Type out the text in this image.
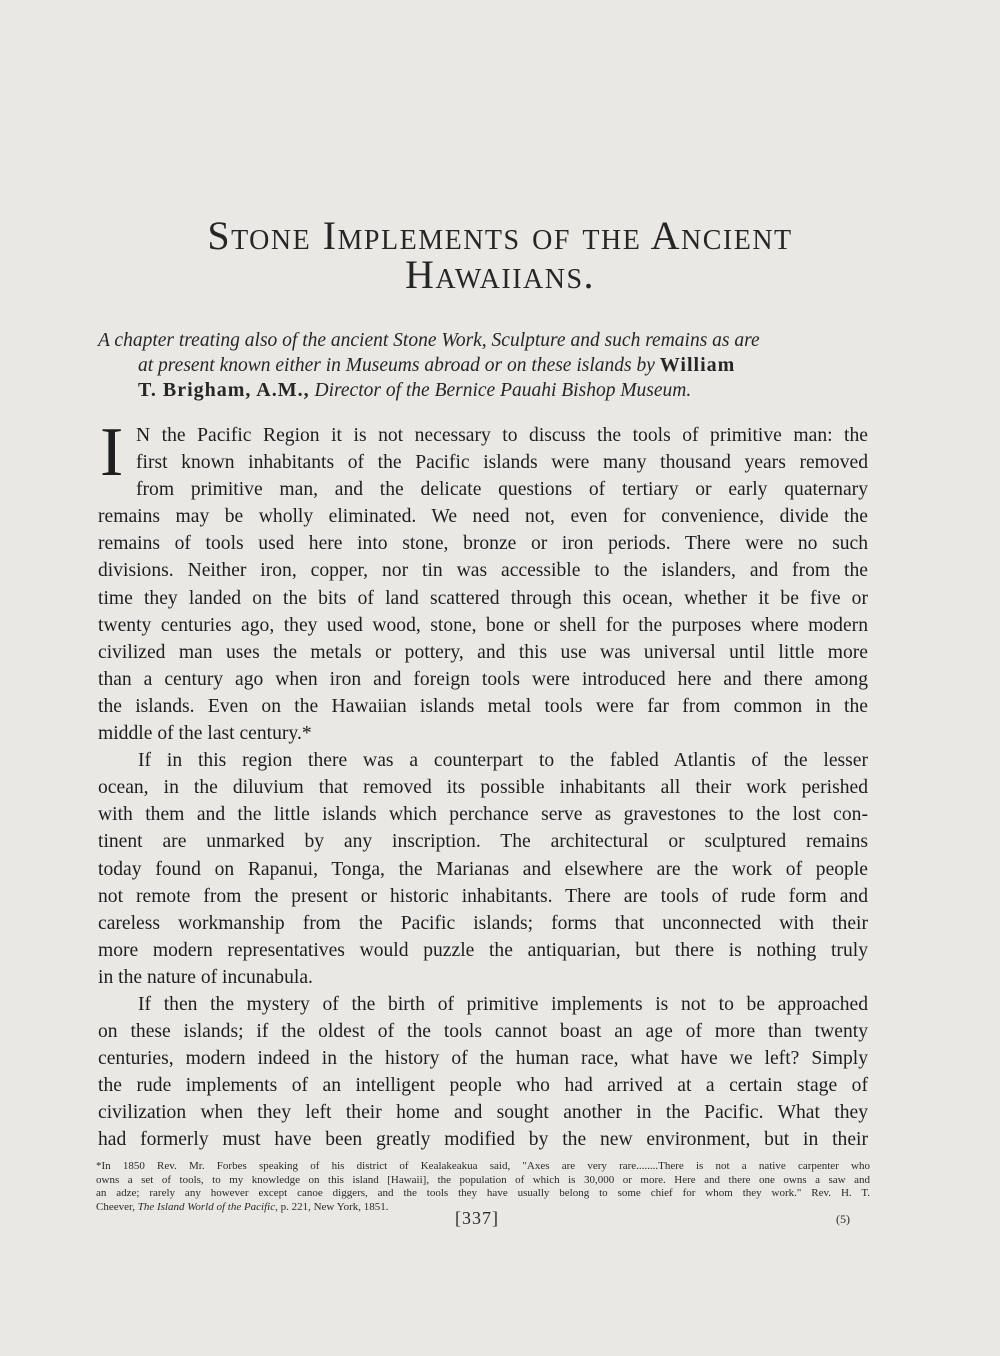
Stone Implements of the Ancient
Hawaiians.
A chapter treating also of the ancient Stone Work, Sculpture and such remains as are
at present known either in Museums abroad or on these islands by William
T. Brigham, A.M., Director of the Bernice Pauahi Bishop Museum.
I N the Pacific Region it is not necessary to discuss the tools of primitive man: the
first known inhabitants of the Pacific islands were many thousand years removed
from primitive man, and the delicate questions of tertiary or early quaternary
remains may be wholly eliminated. We need not, even for convenience, divide the
remains of tools used here into stone, bronze or iron periods. There were no such
divisions. Neither iron, copper, nor tin was accessible to the islanders, and from the
time they landed on the bits of land scattered through this ocean, whether it be five or
twenty centuries ago, they used wood, stone, bone or shell for the purposes where modern
civilized man uses the metals or pottery, and this use was universal until little more
than a century ago when iron and foreign tools were introduced here and there among
the islands. Even on the Hawaiian islands metal tools were far from common in the
middle of the last century.*
If in this region there was a counterpart to the fabled Atlantis of the lesser
ocean, in the diluvium that removed its possible inhabitants all their work perished
with them and the little islands which perchance serve as gravestones to the lost con-
tinent are unmarked by any inscription. The architectural or sculptured remains
today found on Rapanui, Tonga, the Marianas and elsewhere are the work of people
not remote from the present or historic inhabitants. There are tools of rude form and
careless workmanship from the Pacific islands; forms that unconnected with their
more modern representatives would puzzle the antiquarian, but there is nothing truly
in the nature of incunabula.
If then the mystery of the birth of primitive implements is not to be approached
on these islands; if the oldest of the tools cannot boast an age of more than twenty
centuries, modern indeed in the history of the human race, what have we left? Simply
the rude implements of an intelligent people who had arrived at a certain stage of
civilization when they left their home and sought another in the Pacific. What they
had formerly must have been greatly modified by the new environment, but in their
*In 1850 Rev. Mr. Forbes speaking of his district of Kealakeakua said, "Axes are very rare........There is not a native carpenter who
owns a set of tools, to my knowledge on this island [Hawaii], the population of which is 30,000 or more. Here and there one owns a saw and
an adze; rarely any however except canoe diggers, and the tools they have usually belong to some chief for whom they work." Rev. H. T.
Cheever, The Island World of the Pacific, p. 221, New York, 1851.
[337]	(5)
